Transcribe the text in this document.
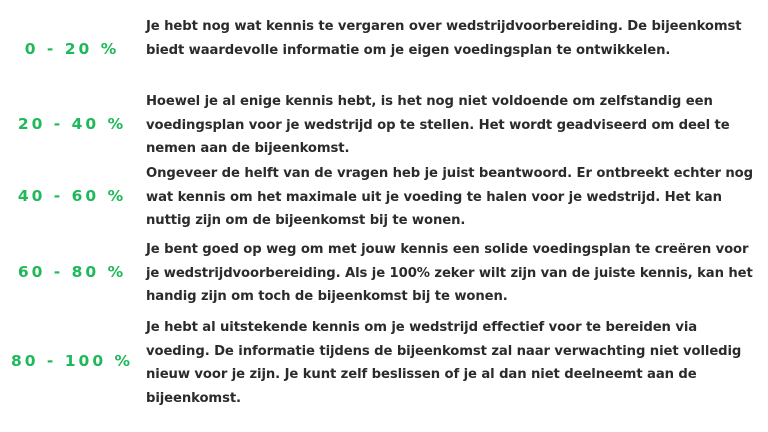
0 - 20 %
Je hebt nog wat kennis te vergaren over wedstrijdvoorbereiding. De bijeenkomst biedt waardevolle informatie om je eigen voedingsplan te ontwikkelen.
20 - 40 %
Hoewel je al enige kennis hebt, is het nog niet voldoende om zelfstandig een voedingsplan voor je wedstrijd op te stellen. Het wordt geadviseerd om deel te nemen aan de bijeenkomst.
40 - 60 %
Ongeveer de helft van de vragen heb je juist beantwoord. Er ontbreekt echter nog wat kennis om het maximale uit je voeding te halen voor je wedstrijd. Het kan nuttig zijn om de bijeenkomst bij te wonen.
60 - 80 %
Je bent goed op weg om met jouw kennis een solide voedingsplan te creëren voor je wedstrijdvoorbereiding. Als je 100% zeker wilt zijn van de juiste kennis, kan het handig zijn om toch de bijeenkomst bij te wonen.
80 - 100 %
Je hebt al uitstekende kennis om je wedstrijd effectief voor te bereiden via voeding. De informatie tijdens de bijeenkomst zal naar verwachting niet volledig nieuw voor je zijn. Je kunt zelf beslissen of je al dan niet deelneemt aan de bijeenkomst.
